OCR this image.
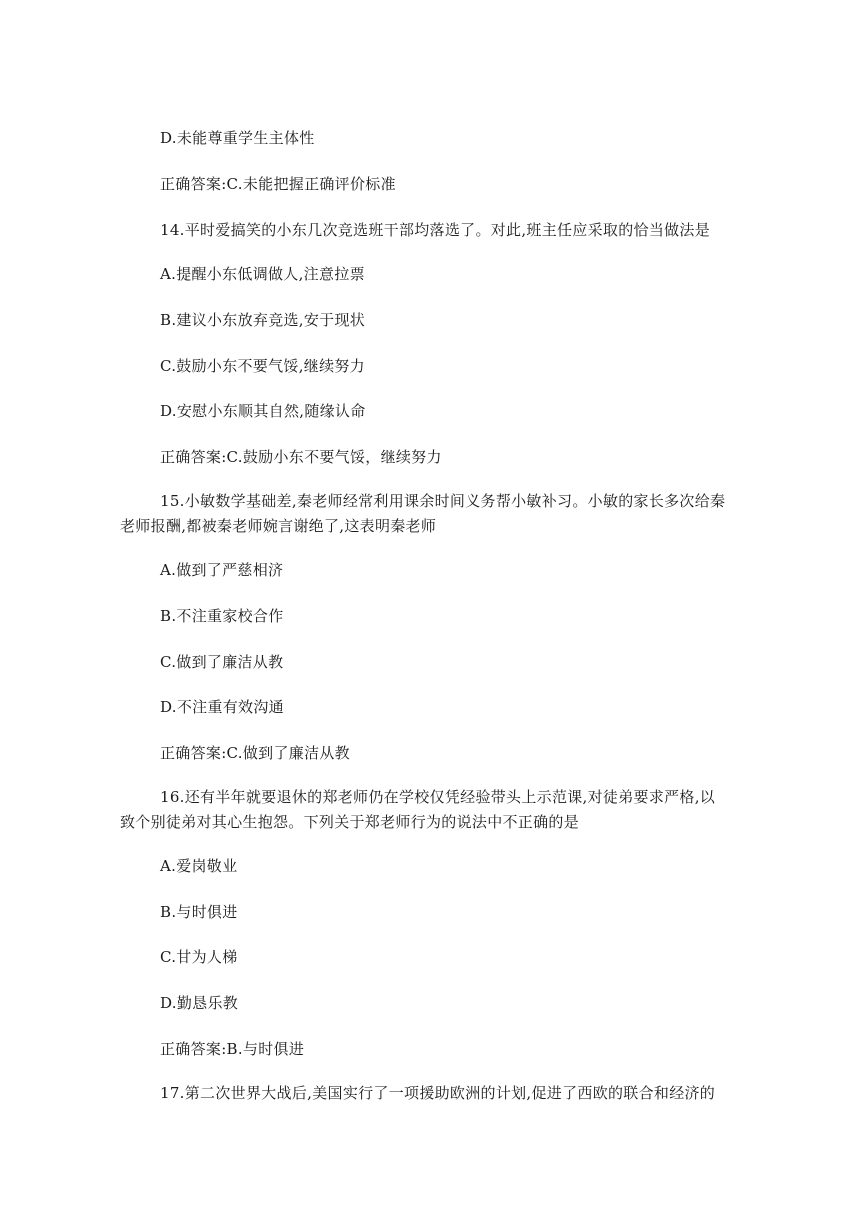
D.未能尊重学生主体性
正确答案:C.未能把握正确评价标准
14.平时爱搞笑的小东几次竞选班干部均落选了。对此,班主任应采取的恰当做法是
A.提醒小东低调做人,注意拉票
B.建议小东放弃竞选,安于现状
C.鼓励小东不要气馁,继续努力
D.安慰小东顺其自然,随缘认命
正确答案:C.鼓励小东不要气馁，继续努力
15.小敏数学基础差,秦老师经常利用课余时间义务帮小敏补习。小敏的家长多次给秦
老师报酬,都被秦老师婉言谢绝了,这表明秦老师
A.做到了严慈相济
B.不注重家校合作
C.做到了廉洁从教
D.不注重有效沟通
正确答案:C.做到了廉洁从教
16.还有半年就要退休的郑老师仍在学校仅凭经验带头上示范课,对徒弟要求严格,以
致个别徒弟对其心生抱怨。下列关于郑老师行为的说法中不正确的是
A.爱岗敬业
B.与时俱进
C.甘为人梯
D.勤恳乐教
正确答案:B.与时俱进
17.第二次世界大战后,美国实行了一项援助欧洲的计划,促进了西欧的联合和经济的
